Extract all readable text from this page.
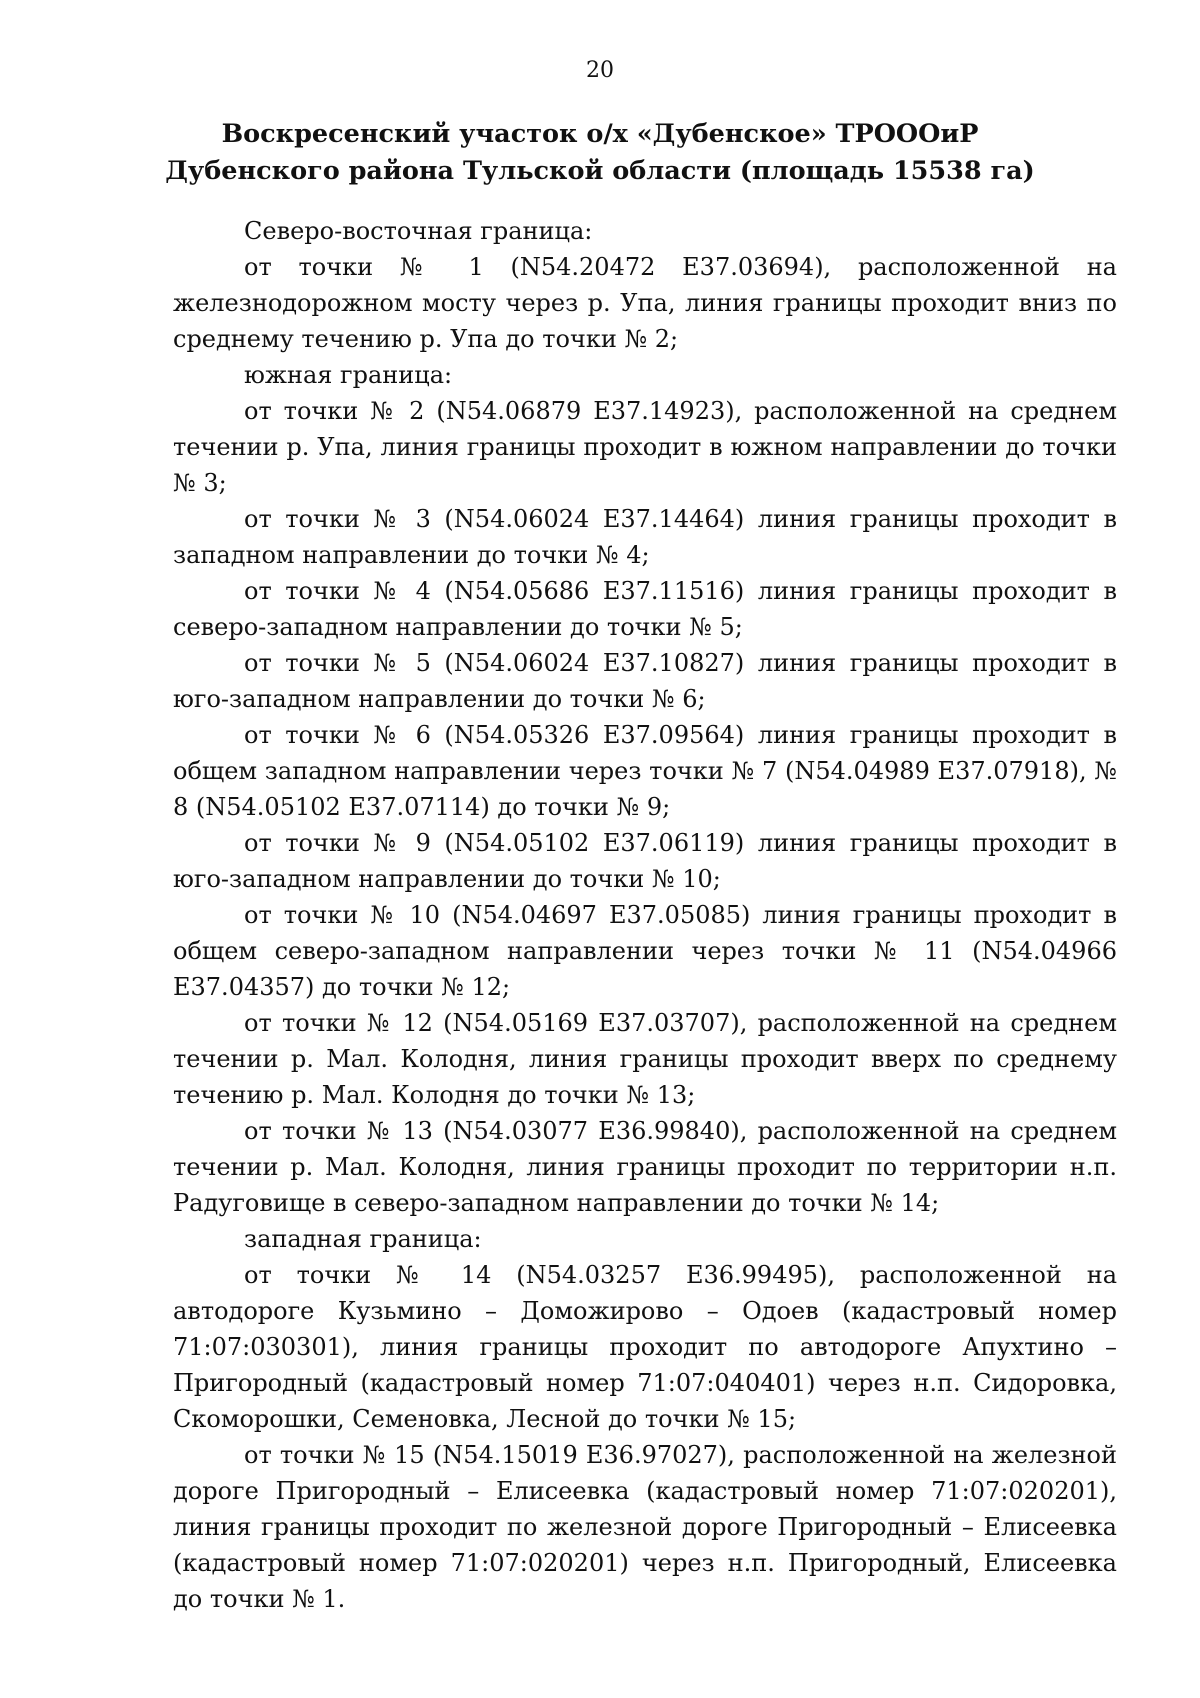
20
Воскресенский участок о/х «Дубенское» ТРОООиР
Дубенского района Тульской области (площадь 15538 га)

Северо-восточная граница:

от точки № 1 (N54.20472 E37.03694), расположенной на железнодорожном мосту через р. Упа, линия границы проходит вниз по среднему течению р. Упа до точки № 2;

южная граница:

от точки № 2 (N54.06879 E37.14923), расположенной на среднем течении р. Упа, линия границы проходит в южном направлении до точки № 3;

от точки № 3 (N54.06024 E37.14464) линия границы проходит в западном направлении до точки № 4;

от точки № 4 (N54.05686 E37.11516) линия границы проходит в северо-западном направлении до точки № 5;

от точки № 5 (N54.06024 E37.10827) линия границы проходит в юго-западном направлении до точки № 6;

от точки № 6 (N54.05326 E37.09564) линия границы проходит в общем западном направлении через точки № 7 (N54.04989 E37.07918), № 8 (N54.05102 E37.07114) до точки № 9;

от точки № 9 (N54.05102 E37.06119) линия границы проходит в юго-западном направлении до точки № 10;

от точки № 10 (N54.04697 E37.05085) линия границы проходит в общем северо-западном направлении через точки № 11 (N54.04966 E37.04357) до точки № 12;

от точки № 12 (N54.05169 E37.03707), расположенной на среднем течении р. Мал. Колодня, линия границы проходит вверх по среднему течению р. Мал. Колодня до точки № 13;

от точки № 13 (N54.03077 E36.99840), расположенной на среднем течении р. Мал. Колодня, линия границы проходит по территории н.п. Радуговище в северо-западном направлении до точки № 14;

западная граница:

от точки № 14 (N54.03257 E36.99495), расположенной на автодороге Кузьмино – Доможирово – Одоев (кадастровый номер 71:07:030301), линия границы проходит по автодороге Апухтино – Пригородный (кадастровый номер 71:07:040401) через н.п. Сидоровка, Скоморошки, Семеновка, Лесной до точки № 15;

от точки № 15 (N54.15019 E36.97027), расположенной на железной дороге Пригородный – Елисеевка (кадастровый номер 71:07:020201), линия границы проходит по железной дороге Пригородный – Елисеевка (кадастровый номер 71:07:020201) через н.п. Пригородный, Елисеевка до точки № 1.
